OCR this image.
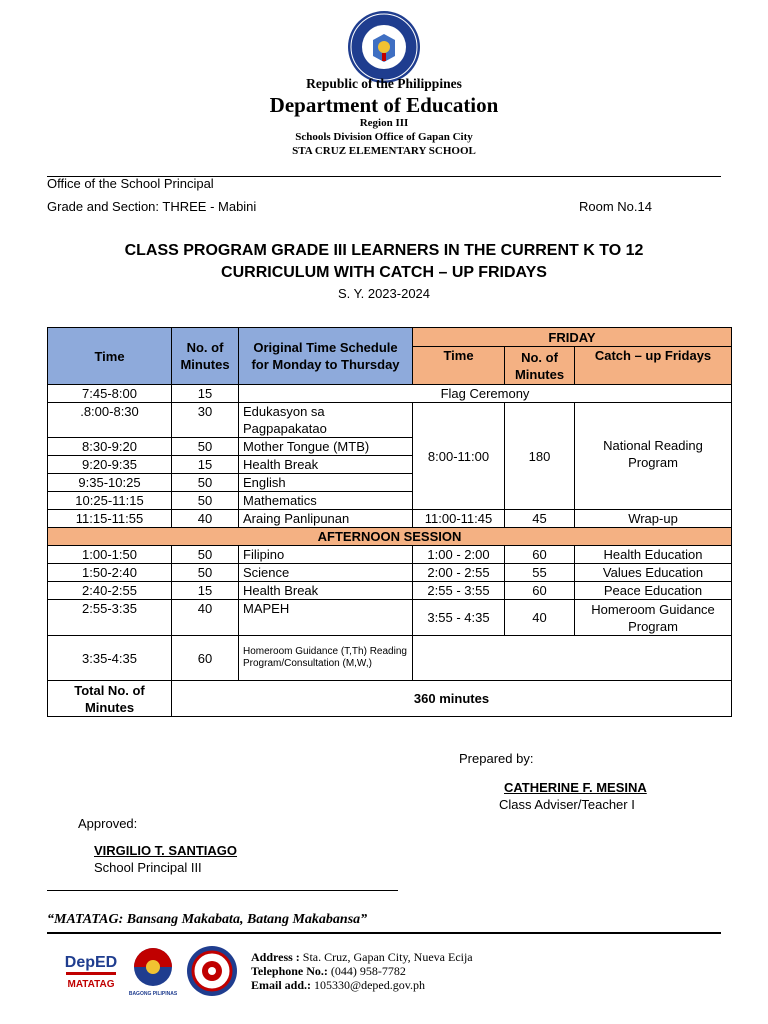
Republic of the Philippines
Department of Education
Region III
Schools Division Office of Gapan City
STA CRUZ ELEMENTARY SCHOOL
Office of the School Principal
Grade and Section: THREE - Mabini	Room No.14
CLASS PROGRAM GRADE III LEARNERS IN THE CURRENT K TO 12
CURRICULUM WITH CATCH – UP FRIDAYS
S. Y. 2023-2024
Time	No. of Minutes	Original Time Schedule for Monday to Thursday	FRIDAY		
			Time	No. of Minutes	Catch – up Fridays
7:45-8:00	15	Flag Ceremony			
.8:00-8:30	30	Edukasyon sa Pagpapakatao	8:00-11:00	180	National Reading Program
8:30-9:20	50	Mother Tongue (MTB)			
9:20-9:35	15	Health Break			
9:35-10:25	50	English			
10:25-11:15	50	Mathematics			
11:15-11:55	40	Araing Panlipunan	11:00-11:45	45	Wrap-up
AFTERNOON SESSION					
1:00-1:50	50	Filipino	1:00 - 2:00	60	Health Education
1:50-2:40	50	Science	2:00 - 2:55	55	Values Education
2:40-2:55	15	Health Break	2:55 - 3:55	60	Peace Education
2:55-3:35	40	MAPEH	3:55 - 4:35	40	Homeroom Guidance Program
3:35-4:35	60	Homeroom Guidance (T,Th) Reading Program/Consultation (M,W,)			
Total No. of Minutes	360 minutes				
Prepared by:
CATHERINE F. MESINA
Class Adviser/Teacher I
Approved:
VIRGILIO T. SANTIAGO
School Principal III
“MATATAG: Bansang Makabata, Batang Makabansa”
DepED
MATATAG
BAGONG PILIPINAS
Address : Sta. Cruz, Gapan City, Nueva Ecija
Telephone No.: (044) 958-7782
Email add.: 105330@deped.gov.ph
